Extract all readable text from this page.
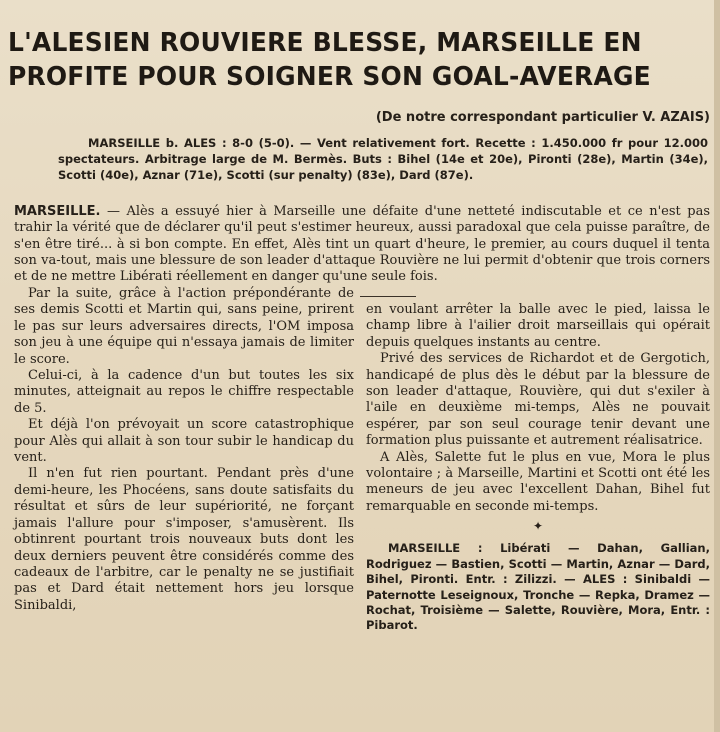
L'ALESIEN ROUVIERE BLESSE, MARSEILLE EN PROFITE POUR SOIGNER SON GOAL-AVERAGE
(De notre correspondant particulier V. AZAIS)

MARSEILLE b. ALES : 8-0 (5-0). — Vent relativement fort. Recette : 1.450.000 fr pour 12.000 spectateurs. Arbitrage large de M. Bermès. Buts : Bihel (14e et 20e), Pironti (28e), Martin (34e), Scotti (40e), Aznar (71e), Scotti (sur penalty) (83e), Dard (87e).

MARSEILLE. — Alès a essuyé hier à Marseille une défaite d'une netteté indiscutable et ce n'est pas trahir la vérité que de déclarer qu'il peut s'estimer heureux, aussi paradoxal que cela puisse paraître, de s'en être tiré... à si bon compte. En effet, Alès tint un quart d'heure, le premier, au cours duquel il tenta son va-tout, mais une blessure de son leader d'attaque Rouvière ne lui permit d'obtenir que trois corners et de ne mettre Libérati réellement en danger qu'une seule fois.

Par la suite, grâce à l'action prépondérante de ses demis Scotti et Martin qui, sans peine, prirent le pas sur leurs adversaires directs, l'OM imposa son jeu à une équipe qui n'essaya jamais de limiter le score.

Celui-ci, à la cadence d'un but toutes les six minutes, atteignait au repos le chiffre respectable de 5.

Et déjà l'on prévoyait un score catastrophique pour Alès qui allait à son tour subir le handicap du vent.

Il n'en fut rien pourtant. Pendant près d'une demi-heure, les Phocéens, sans doute satisfaits du résultat et sûrs de leur supériorité, ne forçant jamais l'allure pour s'imposer, s'amusèrent. Ils obtinrent pourtant trois nouveaux buts dont les deux derniers peuvent être considérés comme des cadeaux de l'arbitre, car le penalty ne se justifiait pas et Dard était nettement hors jeu lorsque Sinibaldi,

en voulant arrêter la balle avec le pied, laissa le champ libre à l'ailier droit marseillais qui opérait depuis quelques instants au centre.

Privé des services de Richardot et de Gergotich, handicapé de plus dès le début par la blessure de son leader d'attaque, Rouvière, qui dut s'exiler à l'aile en deuxième mi-temps, Alès ne pouvait espérer, par son seul courage tenir devant une formation plus puissante et autrement réalisatrice.

A Alès, Salette fut le plus en vue, Mora le plus volontaire ; à Marseille, Martini et Scotti ont été les meneurs de jeu avec l'excellent Dahan, Bihel fut remarquable en seconde mi-temps.

✦

MARSEILLE : Libérati — Dahan, Gallian, Rodriguez — Bastien, Scotti — Martin, Aznar — Dard, Bihel, Pironti. Entr. : Zilizzi. — ALES : Sinibaldi — Paternotte Leseignoux, Tronche — Repka, Dramez — Rochat, Troisième — Salette, Rouvière, Mora, Entr. : Pibarot.
